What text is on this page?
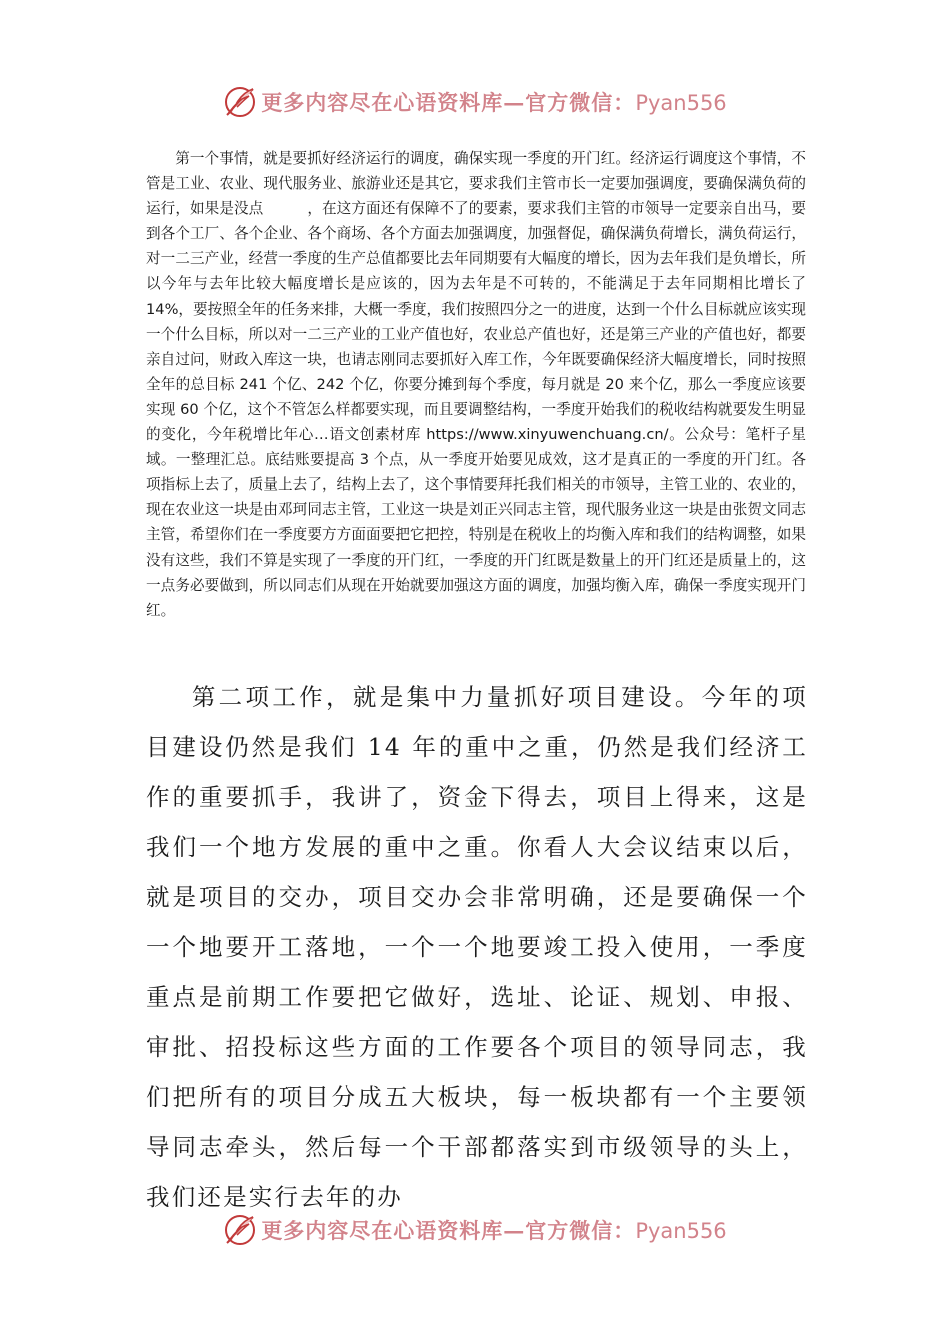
更多内容尽在心语资料库—官方微信：Pyan556

第一个事情，就是要抓好经济运行的调度，确保实现一季度的开门红。经济运行调度这个事情，不管是工业、农业、现代服务业、旅游业还是其它，要求我们主管市长一定要加强调度，要确保满负荷的运行，如果是没点　　　，在这方面还有保障不了的要素，要求我们主管的市领导一定要亲自出马，要到各个工厂、各个企业、各个商场、各个方面去加强调度，加强督促，确保满负荷增长，满负荷运行，对一二三产业，经营一季度的生产总值都要比去年同期要有大幅度的增长，因为去年我们是负增长，所以今年与去年比较大幅度增长是应该的，因为去年是不可转的，不能满足于去年同期相比增长了 14%，要按照全年的任务来排，大概一季度，我们按照四分之一的进度，达到一个什么目标就应该实现一个什么目标，所以对一二三产业的工业产值也好，农业总产值也好，还是第三产业的产值也好，都要亲自过问，财政入库这一块，也请志刚同志要抓好入库工作，今年既要确保经济大幅度增长，同时按照全年的总目标 241 个亿、242 个亿，你要分摊到每个季度，每月就是 20 来个亿，那么一季度应该要实现 60 个亿，这个不管怎么样都要实现，而且要调整结构，一季度开始我们的税收结构就要发生明显的变化，今年税增比年心…语文创素材库 https://www.xinyuwenchuang.cn/。公众号：笔杆子星域。一整理汇总。底结账要提高 3 个点，从一季度开始要见成效，这才是真正的一季度的开门红。各项指标上去了，质量上去了，结构上去了，这个事情要拜托我们相关的市领导，主管工业的、农业的，现在农业这一块是由邓珂同志主管，工业这一块是刘正兴同志主管，现代服务业这一块是由张贺文同志主管，希望你们在一季度要方方面面要把它把控，特别是在税收上的均衡入库和我们的结构调整，如果没有这些，我们不算是实现了一季度的开门红，一季度的开门红既是数量上的开门红还是质量上的，这一点务必要做到，所以同志们从现在开始就要加强这方面的调度，加强均衡入库，确保一季度实现开门红。

第二项工作，就是集中力量抓好项目建设。今年的项目建设仍然是我们 14 年的重中之重，仍然是我们经济工作的重要抓手，我讲了，资金下得去，项目上得来，这是我们一个地方发展的重中之重。你看人大会议结束以后，就是项目的交办，项目交办会非常明确，还是要确保一个一个地要开工落地，一个一个地要竣工投入使用，一季度重点是前期工作要把它做好，选址、论证、规划、申报、审批、招投标这些方面的工作要各个项目的领导同志，我们把所有的项目分成五大板块，每一板块都有一个主要领导同志牵头，然后每一个干部都落实到市级领导的头上，我们还是实行去年的办

更多内容尽在心语资料库—官方微信：Pyan556
